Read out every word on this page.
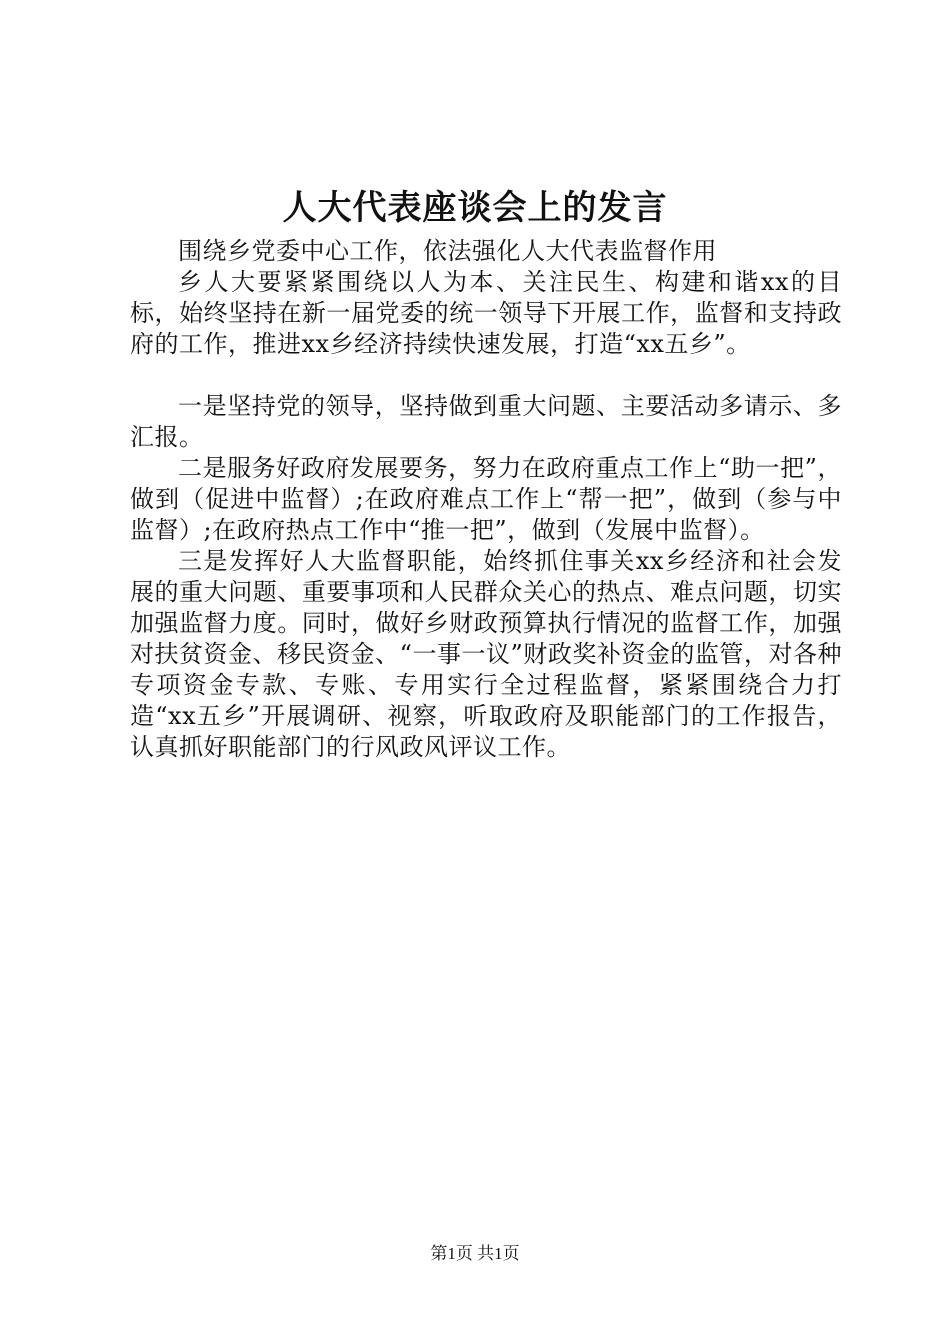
人大代表座谈会上的发言

围绕乡党委中心工作，依法强化人大代表监督作用

乡人大要紧紧围绕以人为本、关注民生、构建和谐xx的目标，始终坚持在新一届党委的统一领导下开展工作，监督和支持政府的工作，推进xx乡经济持续快速发展，打造“xx五乡”。

一是坚持党的领导，坚持做到重大问题、主要活动多请示、多汇报。

二是服务好政府发展要务，努力在政府重点工作上“助一把”，做到（促进中监督）;在政府难点工作上“帮一把”，做到（参与中监督）;在政府热点工作中“推一把”，做到（发展中监督）。

三是发挥好人大监督职能，始终抓住事关xx乡经济和社会发展的重大问题、重要事项和人民群众关心的热点、难点问题，切实加强监督力度。同时，做好乡财政预算执行情况的监督工作，加强对扶贫资金、移民资金、“一事一议”财政奖补资金的监管，对各种专项资金专款、专账、专用实行全过程监督，紧紧围绕合力打造“xx五乡”开展调研、视察，听取政府及职能部门的工作报告，认真抓好职能部门的行风政风评议工作。

第1页 共1页
